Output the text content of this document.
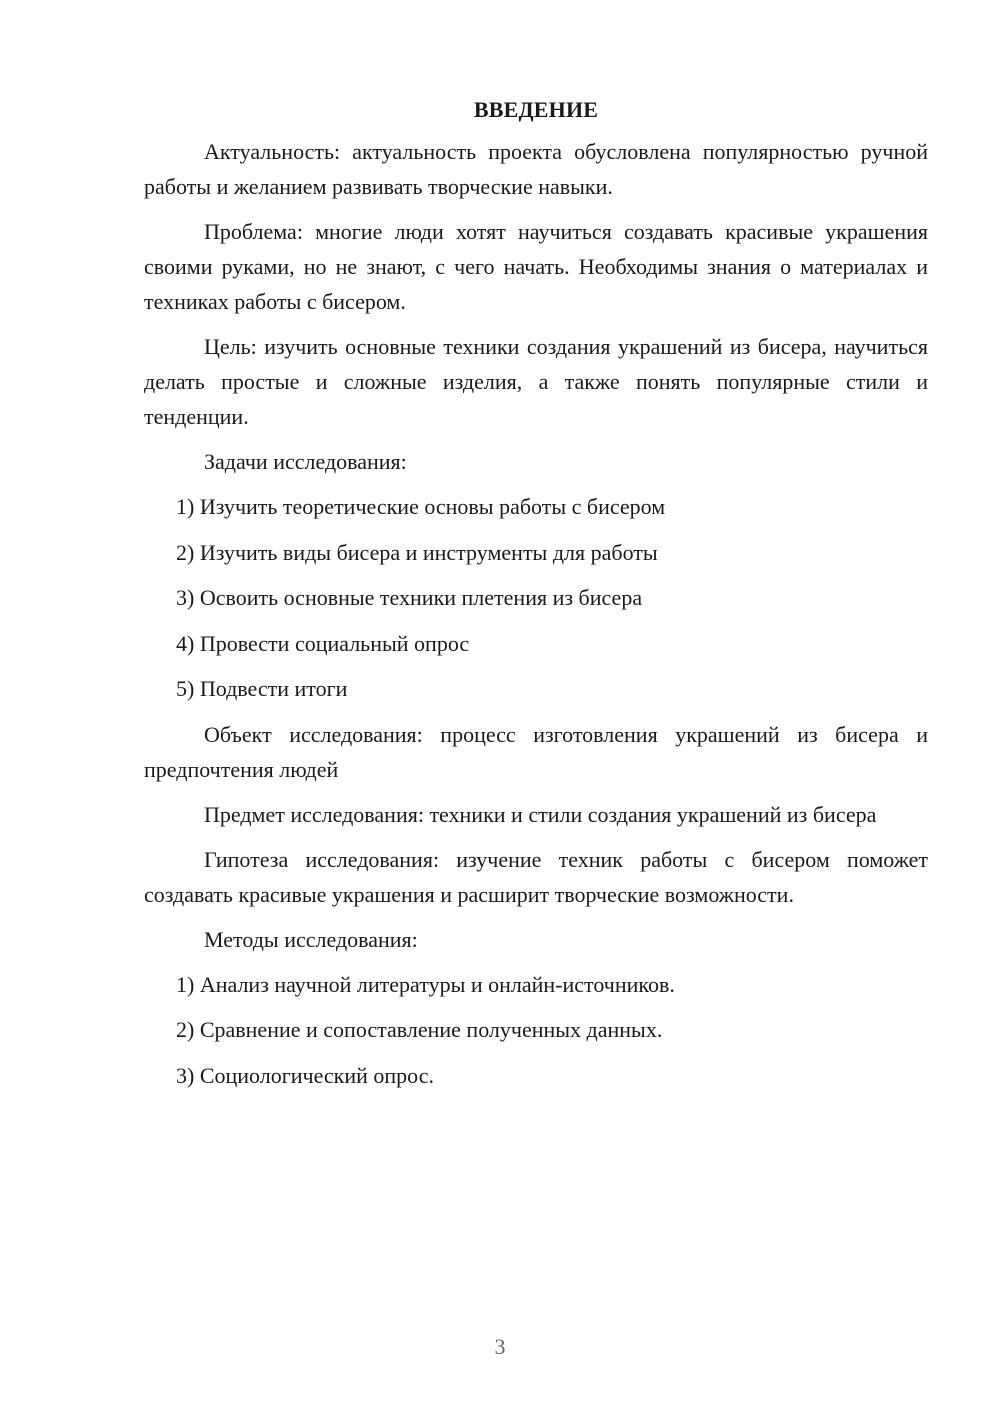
ВВЕДЕНИЕ

Актуальность: актуальность проекта обусловлена популярностью ручной работы и желанием развивать творческие навыки.

Проблема: многие люди хотят научиться создавать красивые украшения своими руками, но не знают, с чего начать. Необходимы знания о материалах и техниках работы с бисером.

Цель: изучить основные техники создания украшений из бисера, научиться делать простые и сложные изделия, а также понять популярные стили и тенденции.

Задачи исследования:
1) Изучить теоретические основы работы с бисером
2) Изучить виды бисера и инструменты для работы
3) Освоить основные техники плетения из бисера
4) Провести социальный опрос
5) Подвести итоги

Объект исследования: процесс изготовления украшений из бисера и предпочтения людей

Предмет исследования: техники и стили создания украшений из бисера

Гипотеза исследования: изучение техник работы с бисером поможет создавать красивые украшения и расширит творческие возможности.

Методы исследования:
1) Анализ научной литературы и онлайн-источников.
2) Сравнение и сопоставление полученных данных.
3) Социологический опрос.
3
